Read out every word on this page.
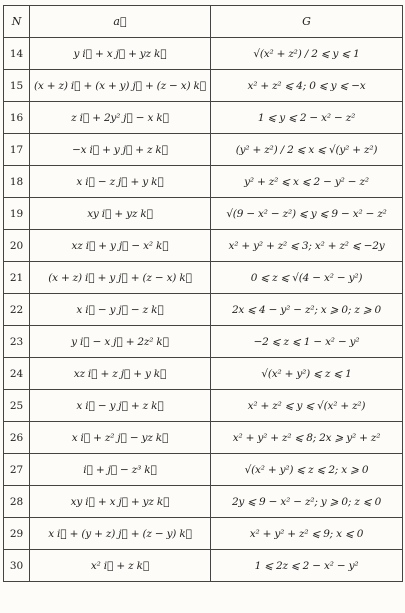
N	a⃗	G
14	y i⃗ + x j⃗ + yz k⃗	√(x² + z²) / 2 ⩽ y ⩽ 1
15	(x + z) i⃗ + (x + y) j⃗ + (z − x) k⃗	x² + z² ⩽ 4; 0 ⩽ y ⩽ −x
16	z i⃗ + 2y² j⃗ − x k⃗	1 ⩽ y ⩽ 2 − x² − z²
17	−x i⃗ + y j⃗ + z k⃗	(y² + z²) / 2 ⩽ x ⩽ √(y² + z²)
18	x i⃗ − z j⃗ + y k⃗	y² + z² ⩽ x ⩽ 2 − y² − z²
19	xy i⃗ + yz k⃗	√(9 − x² − z²) ⩽ y ⩽ 9 − x² − z²
20	xz i⃗ + y j⃗ − x² k⃗	x² + y² + z² ⩽ 3; x² + z² ⩽ −2y
21	(x + z) i⃗ + y j⃗ + (z − x) k⃗	0 ⩽ z ⩽ √(4 − x² − y²)
22	x i⃗ − y j⃗ − z k⃗	2x ⩽ 4 − y² − z²; x ⩾ 0; z ⩾ 0
23	y i⃗ − x j⃗ + 2z² k⃗	−2 ⩽ z ⩽ 1 − x² − y²
24	xz i⃗ + z j⃗ + y k⃗	√(x² + y²) ⩽ z ⩽ 1
25	x i⃗ − y j⃗ + z k⃗	x² + z² ⩽ y ⩽ √(x² + z²)
26	x i⃗ + z² j⃗ − yz k⃗	x² + y² + z² ⩽ 8; 2x ⩾ y² + z²
27	i⃗ + j⃗ − z³ k⃗	√(x² + y²) ⩽ z ⩽ 2; x ⩾ 0
28	xy i⃗ + x j⃗ + yz k⃗	2y ⩽ 9 − x² − z²; y ⩾ 0; z ⩽ 0
29	x i⃗ + (y + z) j⃗ + (z − y) k⃗	x² + y² + z² ⩽ 9; x ⩽ 0
30	x² i⃗ + z k⃗	1 ⩽ 2z ⩽ 2 − x² − y²
